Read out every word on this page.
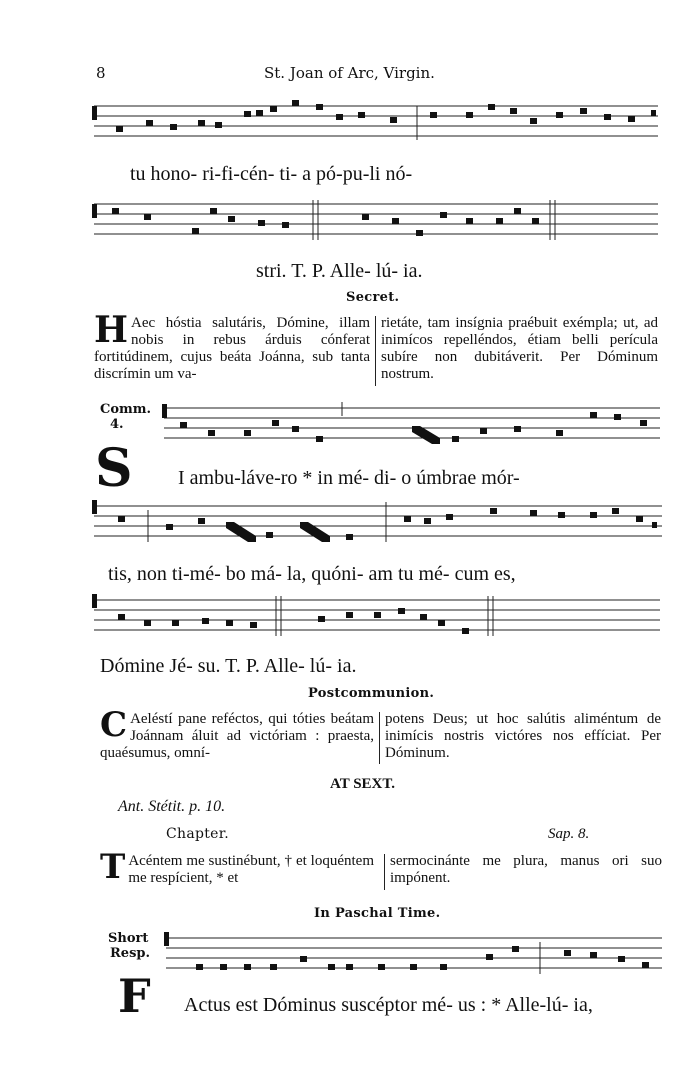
8	St. Joan of Arc, Virgin.
tu hono- ri-fi-cén- ti- a pó-pu-li nó-
stri. T. P. Alle- lú- ia.
Secret.

H Aec hóstia salutáris, Dómine, illam nobis in rebus árduis cónferat fortitúdinem, cujus beáta Joánna, sub tanta discrímin um va-

rietáte, tam insígnia praébuit exémpla; ut, ad inimícos repelléndos, étiam belli perícula subíre non dubitáverit. Per Dóminum nostrum.

Comm.
4.
S I ambu-láve-ro * in mé- di- o úmbrae mór-
tis, non ti-mé- bo má- la, quóni- am tu mé- cum es,
Dómine Jé- su. T. P. Alle- lú- ia.
Postcommunion.

C Aeléstí pane reféctos, qui tóties beátam Joánnam áluit ad victóriam : praesta, quaésumus, omní-

potens Deus; ut hoc salútis aliméntum de inimícis nostris victóres nos effíciat. Per Dóminum.

AT SEXT.
Ant. Stétit. p. 10.
Chapter.	Sap. 8.

T Acéntem me sustinébunt, † et loquéntem me respícient, * et

sermocinánte me plura, manus ori suo impónent.

In Paschal Time.
Short
Resp.
F Actus est Dóminus suscéptor mé- us : * Alle-lú- ia,
